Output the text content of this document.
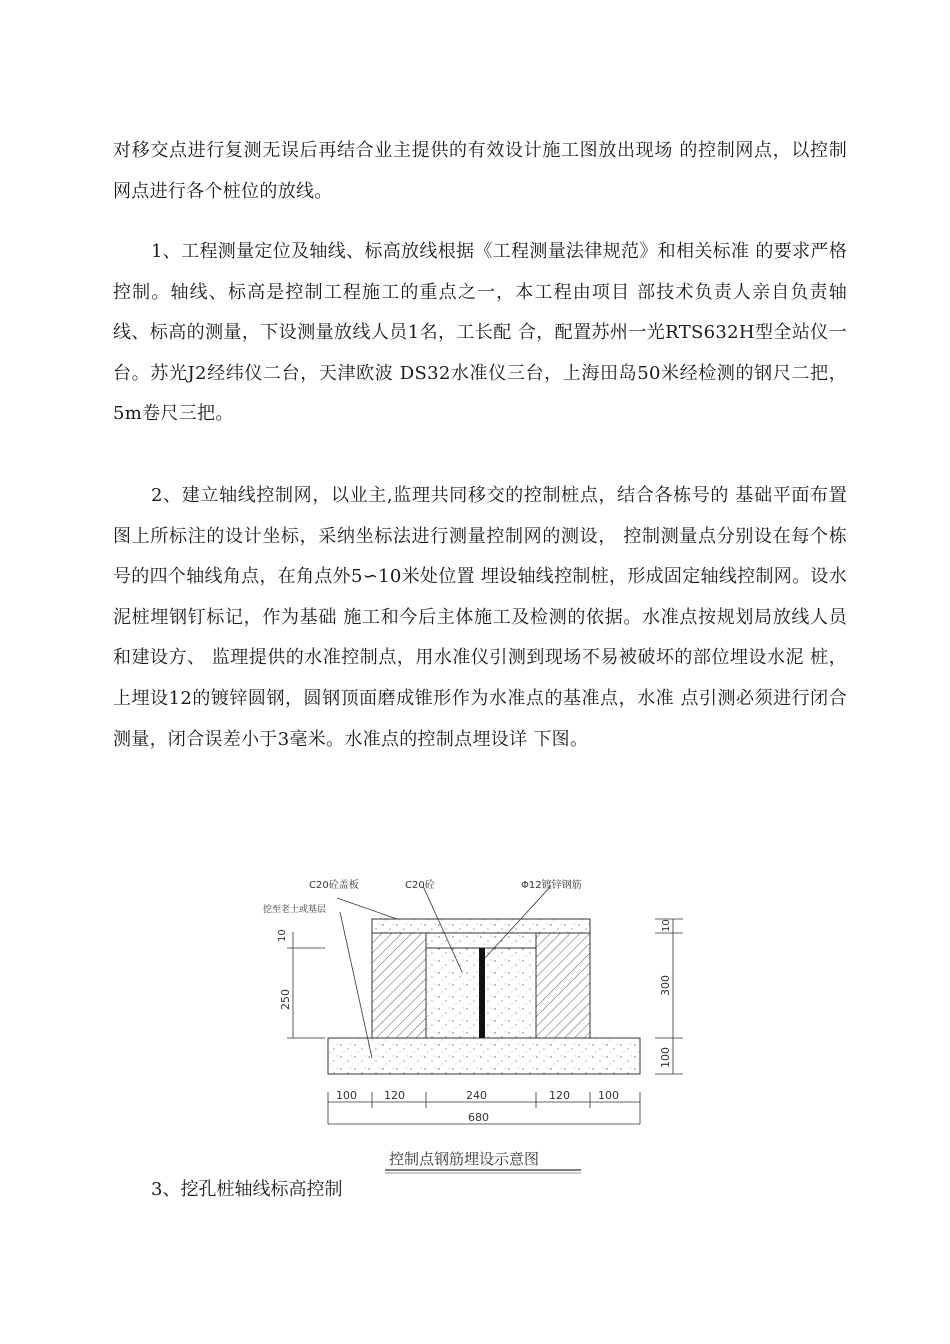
对移交点进行复测无误后再结合业主提供的有效设计施工图放出现场 的控制网点，以控制网点进行各个桩位的放线。

1、工程测量定位及轴线、标高放线根据《工程测量法律规范》和相关标准 的要求严格控制。轴线、标高是控制工程施工的重点之一，本工程由项目 部技术负责人亲自负责轴线、标高的测量，下设测量放线人员1名，工长配 合，配置苏州一光RTS632H型全站仪一台。苏光J2经纬仪二台，天津欧波 DS32水准仪三台，上海田岛50米经检测的钢尺二把，5m卷尺三把。

2、建立轴线控制网，以业主,监理共同移交的控制桩点，结合各栋号的 基础平面布置图上所标注的设计坐标，采纳坐标法进行测量控制网的测设， 控制测量点分别设在每个栋号的四个轴线角点，在角点外5∽10米处位置 埋设轴线控制桩，形成固定轴线控制网。设水泥桩埋钢钉标记，作为基础 施工和今后主体施工及检测的依据。水准点按规划局放线人员和建设方、 监理提供的水准控制点，用水准仪引测到现场不易被破坏的部位埋设水泥 桩，上埋设12的镀锌圆钢，圆钢顶面磨成锥形作为水准点的基准点，水准 点引测必须进行闭合测量，闭合误差小于3毫米。水准点的控制点埋设详 下图。

C20砼盖板	C20砼	Φ12镀锌钢筋
挖至老土或基层
10
250
10
300
100
100 120	240	120	100
680
控制点钢筋埋设示意图

3、挖孔桩轴线标高控制
